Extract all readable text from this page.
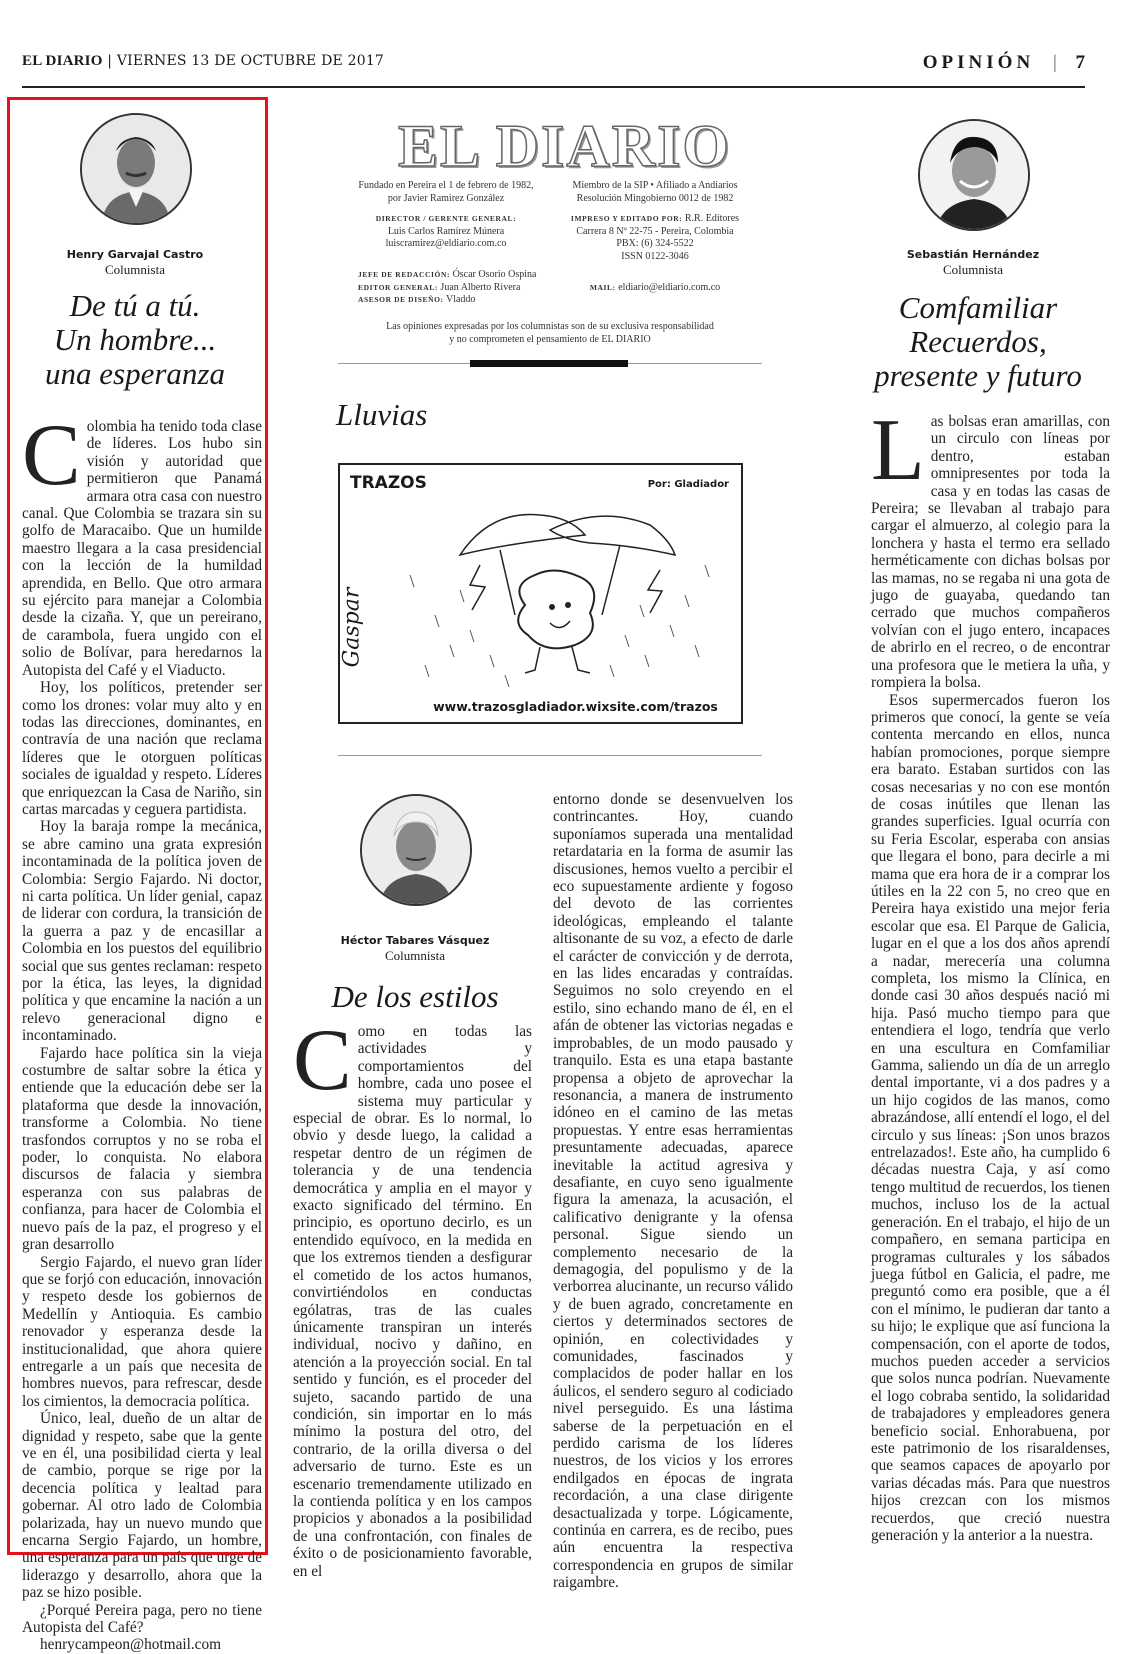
EL DIARIO | VIERNES 13 DE OCTUBRE DE 2017	OPINIÓN | 7
Henry Garvajal Castro
Columnista
De tú a tú.
Un hombre...
una esperanza

Colombia ha tenido toda clase de líderes. Los hubo sin visión y autoridad que permitieron que Panamá armara otra casa con nuestro canal. Que Colombia se trazara sin su golfo de Maracaibo. Que un humilde maestro llegara a la casa presidencial con la lección de la humildad aprendida, en Bello. Que otro armara su ejército para manejar a Colombia desde la cizaña. Y, que un pereirano, de carambola, fuera ungido con el solio de Bolívar, para heredarnos la Autopista del Café y el Viaducto.

Hoy, los políticos, pretender ser como los drones: volar muy alto y en todas las direcciones, dominantes, en contravía de una nación que reclama líderes que le otorguen políticas sociales de igualdad y respeto. Líderes que enriquezcan la Casa de Nariño, sin cartas marcadas y ceguera partidista.

Hoy la baraja rompe la mecánica, se abre camino una grata expresión incontaminada de la política joven de Colombia: Sergio Fajardo. Ni doctor, ni carta política. Un líder genial, capaz de liderar con cordura, la transición de la guerra a paz y de encasillar a Colombia en los puestos del equilibrio social que sus gentes reclaman: respeto por la ética, las leyes, la dignidad política y que encamine la nación a un relevo generacional digno e incontaminado.

Fajardo hace política sin la vieja costumbre de saltar sobre la ética y entiende que la educación debe ser la plataforma que desde la innovación, transforme a Colombia. No tiene trasfondos corruptos y no se roba el poder, lo conquista. No elabora discursos de falacia y siembra esperanza con sus palabras de confianza, para hacer de Colombia el nuevo país de la paz, el progreso y el gran desarrollo

Sergio Fajardo, el nuevo gran líder que se forjó con educación, innovación y respeto desde los gobiernos de Medellín y Antioquia. Es cambio renovador y esperanza desde la institucionalidad, que ahora quiere entregarle a un país que necesita de hombres nuevos, para refrescar, desde los cimientos, la democracia política.

Único, leal, dueño de un altar de dignidad y respeto, sabe que la gente ve en él, una posibilidad cierta y leal de cambio, porque se rige por la decencia política y lealtad para gobernar. Al otro lado de Colombia polarizada, hay un nuevo mundo que encarna Sergio Fajardo, un hombre, una esperanza para un país que urge de liderazgo y desarrollo, ahora que la paz se hizo posible.

¿Porqué Pereira paga, pero no tiene Autopista del Café?

henrycampeon@hotmail.com

EL DIARIO
Fundado en Pereira el 1 de febrero de 1982,
por Javier Ramírez González
DIRECTOR / GERENTE GENERAL:
Luis Carlos Ramírez Múnera
luiscramirez@eldiario.com.co
Miembro de la SIP • Afiliado a Andiarios
Resolución Mingobierno 0012 de 1982
IMPRESO Y EDITADO POR: R.R. Editores
Carrera 8 Nº 22-75 - Pereira, Colombia
PBX: (6) 324-5522
ISSN 0122-3046
JEFE DE REDACCIÓN: Óscar Osorio Ospina
EDITOR GENERAL: Juan Alberto Rivera
ASESOR DE DISEÑO: Vladdo
MAIL: eldiario@eldiario.com.co
Las opiniones expresadas por los columnistas son de su exclusiva responsabilidad
y no comprometen el pensamiento de EL DIARIO
Lluvias
TRAZOS	Por: Gladiador
Gaspar
www.trazosgladiador.wixsite.com/trazos
Héctor Tabares Vásquez
Columnista
De los estilos

Como en todas las actividades y comportamientos del hombre, cada uno posee el sistema muy particular y especial de obrar. Es lo normal, lo obvio y desde luego, la calidad a respetar dentro de un régimen de tolerancia y de una tendencia democrática y amplia en el mayor y exacto significado del término. En principio, es oportuno decirlo, es un entendido equívoco, en la medida en que los extremos tienden a desfigurar el cometido de los actos humanos, convirtiéndolos en conductas ególatras, tras de las cuales únicamente transpiran un interés individual, nocivo y dañino, en atención a la proyección social. En tal sentido y función, es el proceder del sujeto, sacando partido de una condición, sin importar en lo más mínimo la postura del otro, del contrario, de la orilla diversa o del adversario de turno. Este es un escenario tremendamente utilizado en la contienda política y en los campos propicios y abonados a la posibilidad de una confrontación, con finales de éxito o de posicionamiento favorable, en el

entorno donde se desenvuelven los contrincantes. Hoy, cuando suponíamos superada una mentalidad retardataria en la forma de asumir las discusiones, hemos vuelto a percibir el eco supuestamente ardiente y fogoso del devoto de las corrientes ideológicas, empleando el talante altisonante de su voz, a efecto de darle el carácter de convicción y de derrota, en las lides encaradas y contraídas. Seguimos no solo creyendo en el estilo, sino echando mano de él, en el afán de obtener las victorias negadas e improbables, de un modo pausado y tranquilo. Esta es una etapa bastante propensa a objeto de aprovechar la resonancia, a manera de instrumento idóneo en el camino de las metas propuestas. Y entre esas herramientas presuntamente adecuadas, aparece inevitable la actitud agresiva y desafiante, en cuyo seno igualmente figura la amenaza, la acusación, el calificativo denigrante y la ofensa personal. Sigue siendo un complemento necesario de la demagogia, del populismo y de la verborrea alucinante, un recurso válido y de buen agrado, concretamente en ciertos y determinados sectores de opinión, en colectividades y comunidades, fascinados y complacidos de poder hallar en los áulicos, el sendero seguro al codiciado nivel perseguido. Es una lástima saberse de la perpetuación en el perdido carisma de los líderes nuestros, de los vicios y los errores endilgados en épocas de ingrata recordación, a una clase dirigente desactualizada y torpe. Lógicamente, continúa en carrera, es de recibo, pues aún encuentra la respectiva correspondencia en grupos de similar raigambre.

Sebastián Hernández
Columnista
Comfamiliar
Recuerdos,
presente y futuro

Las bolsas eran amarillas, con un circulo con líneas por dentro, estaban omnipresentes por toda la casa y en todas las casas de Pereira; se llevaban al trabajo para cargar el almuerzo, al colegio para la lonchera y hasta el termo era sellado herméticamente con dichas bolsas por las mamas, no se regaba ni una gota de jugo de guayaba, quedando tan cerrado que muchos compañeros volvían con el jugo entero, incapaces de abrirlo en el recreo, o de encontrar una profesora que le metiera la uña, y rompiera la bolsa.

Esos supermercados fueron los primeros que conocí, la gente se veía contenta mercando en ellos, nunca habían promociones, porque siempre era barato. Estaban surtidos con las cosas necesarias y no con ese montón de cosas inútiles que llenan las grandes superficies. Igual ocurría con su Feria Escolar, esperaba con ansias que llegara el bono, para decirle a mi mama que era hora de ir a comprar los útiles en la 22 con 5, no creo que en Pereira haya existido una mejor feria escolar que esa. El Parque de Galicia, lugar en el que a los dos años aprendí a nadar, merecería una columna completa, los mismo la Clínica, en donde casi 30 años después nació mi hija. Pasó mucho tiempo para que entendiera el logo, tendría que verlo en una escultura en Comfamiliar Gamma, saliendo un día de un arreglo dental importante, vi a dos padres y a un hijo cogidos de las manos, como abrazándose, allí entendí el logo, el del circulo y sus líneas: ¡Son unos brazos entrelazados!. Este año, ha cumplido 6 décadas nuestra Caja, y así como tengo multitud de recuerdos, los tienen muchos, incluso los de la actual generación. En el trabajo, el hijo de un compañero, en semana participa en programas culturales y los sábados juega fútbol en Galicia, el padre, me preguntó como era posible, que a él con el mínimo, le pudieran dar tanto a su hijo; le explique que así funciona la compensación, con el aporte de todos, muchos pueden acceder a servicios que solos nunca podrían. Nuevamente el logo cobraba sentido, la solidaridad de trabajadores y empleadores genera beneficio social. Enhorabuena, por este patrimonio de los risaraldenses, que seamos capaces de apoyarlo por varias décadas más. Para que nuestros hijos crezcan con los mismos recuerdos, que creció nuestra generación y la anterior a la nuestra.
